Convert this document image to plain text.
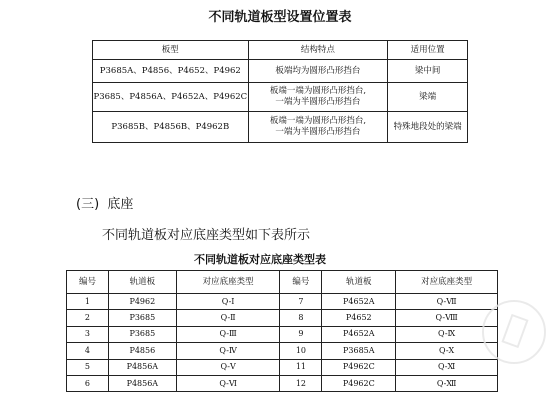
不同轨道板型设置位置表
板型	结构特点	适用位置
P3685A、P4856、P4652、P4962	板端均为圆形凸形挡台	梁中间
P3685、P4856A、P4652A、P4962C	板端一端为圆形凸形挡台,
一端为半圆形凸形挡台	梁端
P3685B、P4856B、P4962B	板端一端为圆形凸形挡台,
一端为半圆形凸形挡台	特殊地段处的梁端
(三)  底座
不同轨道板对应底座类型如下表所示
不同轨道板对应底座类型表
编号	轨道板	对应底座类型	编号	轨道板	对应底座类型
1	P4962	Q-Ⅰ	7	P4652A	Q-Ⅶ
2	P3685	Q-Ⅱ	8	P4652	Q-Ⅷ
3	P3685	Q-Ⅲ	9	P4652A	Q-Ⅸ
4	P4856	Q-Ⅳ	10	P3685A	Q-Ⅹ
5	P4856A	Q-Ⅴ	11	P4962C	Q-Ⅺ
6	P4856A	Q-Ⅵ	12	P4962C	Q-Ⅻ
